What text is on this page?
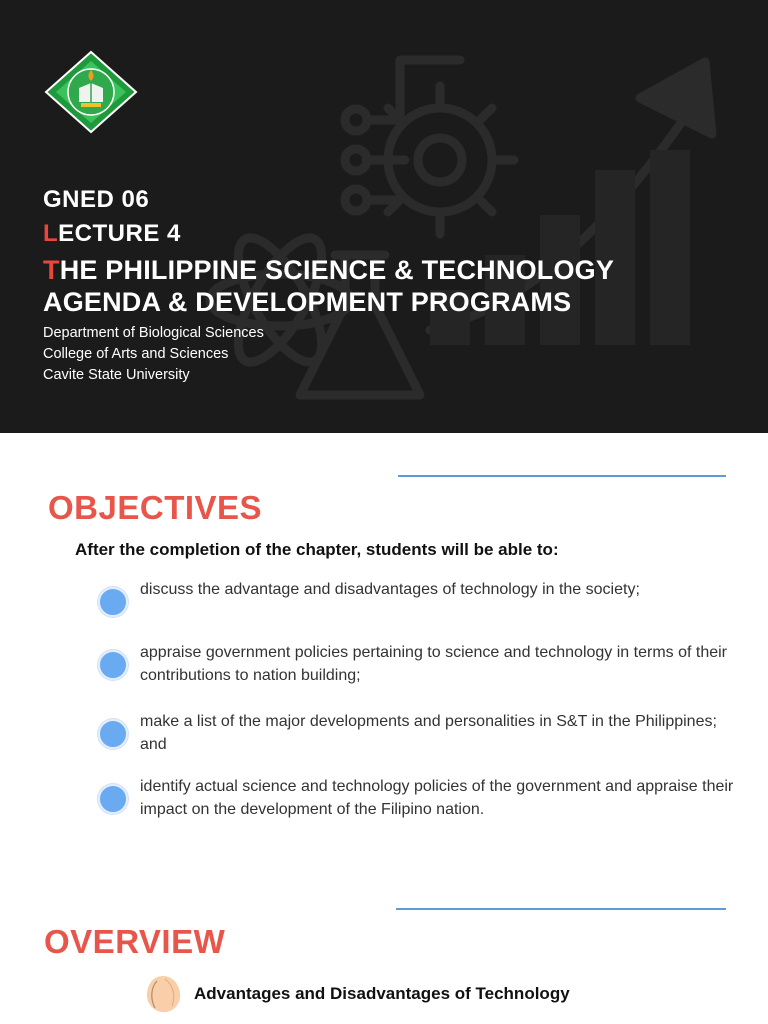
GNED 06
LECTURE 4
THE PHILIPPINE SCIENCE & TECHNOLOGY
AGENDA & DEVELOPMENT PROGRAMS
Department of Biological Sciences
College of Arts and Sciences
Cavite State University
OBJECTIVES
After the completion of the chapter, students will be able to:
discuss the advantage and disadvantages of technology in the society;
appraise government policies pertaining to science and technology in terms of their contributions to nation building;
make a list of the major developments and personalities in S&T in the Philippines; and
identify actual science and technology policies of the government and appraise their impact on the development of the Filipino nation.
OVERVIEW
Advantages and Disadvantages of Technology
